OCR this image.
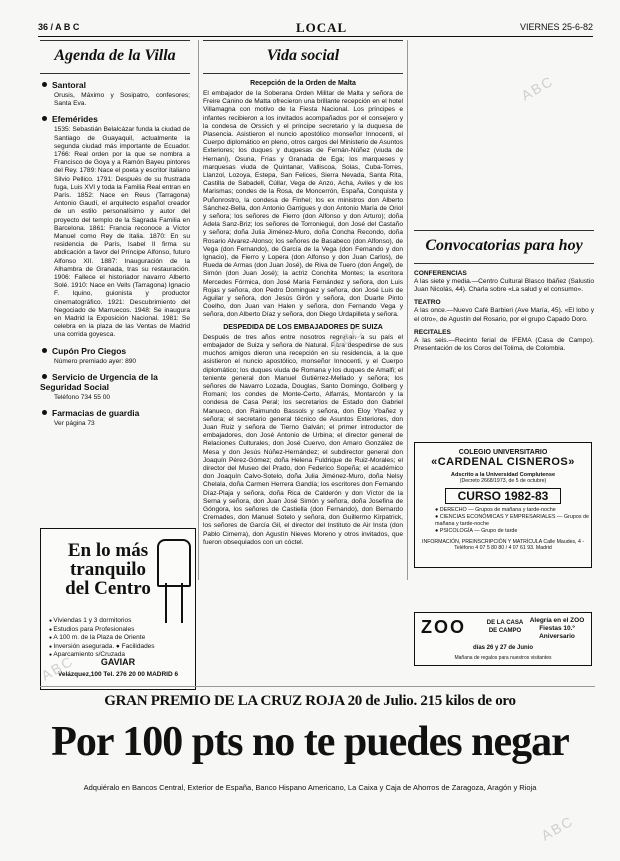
36 / A B C	LOCAL	VIERNES 25-6-82
Agenda de la Villa
Santoral
Orusis, Máximo y Sosipatro, confesores; Santa Eva.
Efemérides
1535: Sebastián Belalcázar funda la ciudad de Santiago de Guayaquil, actualmente la segunda ciudad más importante de Ecuador. 1766: Real orden por la que se nombra a Francisco de Goya y a Ramón Bayeu pintores del Rey. 1789: Nace el poeta y escritor italiano Silvio Pellico. 1791: Después de su frustrada fuga, Luis XVI y toda la Familia Real entran en París. 1852: Nace en Reus (Tarragona) Antonio Gaudí, el arquitecto español creador de un estilo personalísimo y autor del proyecto del templo de la Sagrada Familia en Barcelona. 1861: Francia reconoce a Víctor Manuel como Rey de Italia. 1870: En su residencia de París, Isabel II firma su abdicación a favor del Príncipe Alfonso, futuro Alfonso XII. 1887: Inauguración de la Alhambra de Granada, tras su restauración. 1906: Fallece el historiador navarro Alberto Solé. 1910: Nace en Vells (Tarragona) Ignacio F. Iquino, guionista y productor cinematográfico. 1921: Descubrimiento del Negociado de Marruecos. 1948: Se inaugura en Madrid la Exposición Nacional. 1981: Se celebra en la plaza de las Ventas de Madrid una corrida goyesca.
Cupón Pro Ciegos
Número premiado ayer: 890
Servicio de Urgencia de la Seguridad Social
Teléfono 734 55 00
Farmacias de guardia
Ver página 73
En lo más tranquilo del Centro
● Viviendas 1 y 3 dormitorios
● Estudios para Profesionales
● A 100 m. de la Plaza de Oriente
● Inversión asegurada. ● Facilidades
● Aparcamiento s/Cruzada
GAVIAR
Velázquez,100 Tel. 276 20 00 MADRID 6
Vida social
Recepción de la Orden de Malta
El embajador de la Soberana Orden Militar de Malta y señora de Freire Canino de Matta ofrecieron una brillante recepción en el hotel Villamagna con motivo de la Fiesta Nacional. Los príncipes e infantes recibieron a los invitados acompañados por el consejero y la condesa de Orssich y el príncipe secretario y la duquesa de Plasencia. Asistieron el nuncio apostólico monseñor Innocenti, el Cuerpo diplomático en pleno, otros cargos del Ministerio de Asuntos Exteriores; los duques y duquesas de Fernán-Núñez (viuda de Hernani), Osuna, Frías y Granada de Ega; los marqueses y marquesas viuda de Quintanar, Valliscoa, Solas, Cuba-Torres, Llanzol, Lozoya, Estepa, San Felices, Sierra Nevada, Santa Rita, Castilla de Sabadell, Cúllar, Vega de Anzo, Acha, Aviles y de los Marismas; condes de la Rosa, de Moncerrón, España, Conquista y Puñonrostro, la condesa de Finhel; los ex ministros don Alberto Sánchez-Bella, don Antonio Garrigues y don Antonio María de Oriol y señora; los señores de Fierro (don Alfonso y don Arturo); doña Adela Sanz-Briz; los señores de Torroniegui, don José del Castaño y señora; doña Julia Jiménez-Muro, doña Concha Recondo, doña Rosario Alvarez-Alonso; los señores de Basabeco (don Alfonso), de Vega (don Fernando), de García de la Vega (don Fernando y don Ignacio), de Fierro y Lopera (don Alfonso y don Juan Carlos), de Rueda de Armas (don Juan José), de Riva de Tuero (don Ángel), de Simón (don Juan José); la actriz Conchita Montes; la escritora Mercedes Fórmica, don José María Fernández y señora, don Luis Rojas y señora, don Pedro Dominguez y señora, don José Luis de Aguilar y señora, don Jesús Girón y señora, don Duarte Pinto Coelho, don Juan van Halen y señora, don Fernando Vega y señora, don Alberto Díaz y señora, don Diego Urdapilleta y señora.
DESPEDIDA DE LOS EMBAJADORES DE SUIZA
Después de tres años entre nosotros regresan a su país el embajador de Suiza y señora de Natural. Para despedirse de sus muchos amigos dieron una recepción en su residencia, a la que asistieron el nuncio apostólico, monseñor Innocenti, y el Cuerpo diplomático; los duques viuda de Romana y los duques de Amalfi; el teniente general don Manuel Gutiérrez-Mellado y señora; los señores de Navarro Lozada, Douglas, Santo Domingo, Gollberg y Romani; los condes de Monte-Certo, Alfarrás, Montarcón y la condesa de Casa Peral; los secretarios de Estado don Gabriel Manueco, don Raimundo Bassols y señora, don Eloy Ybañez y señora; el secretario general técnico de Asuntos Exteriores, don Juan Ruiz y señora de Tierno Galván; el primer introductor de embajadores, don José Antonio de Urbina; el director general de Relaciones Culturales, don José Cuervo, don Amaro González de Mesa y don Jesús Núñez-Hernández; el subdirector general don Joaquín Pérez-Gómez; doña Helena Fuldrique de Ruiz-Morales; el director del Museo del Prado, don Federico Sopeña; el académico don Joaquín Calvo-Sotelo, doña Julia Jiménez-Muro, doña Nelsy Chelala, doña Carmen Herrera Gandía; los escritores don Fernando Díaz-Plaja y señora, doña Rica de Calderón y don Víctor de la Serna y señora, don Juan José Simón y señora, doña Josefina de Góngora, los señores de Castiella (don Fernando), don Bernardo Cremades, don Manuel Sotelo y señora, don Guillermo Kirpatrick, los señores de García Gil, el director del Instituto de Air Insta (don Pablo Cimerra), don Agustín Nieves Moreno y otros invitados, que fueron obsequiados con un cóctel.
Convocatorias para hoy
CONFERENCIAS
A las siete y media.—Centro Cultural Blasco Ibáñez (Salustio Juan Nicolás, 44). Charla sobre «La salud y el consumo».
TEATRO
A las once.—Nuevo Café Barbieri (Ave María, 45). «El lobo y el otro», de Agustín del Rosario, por el grupo Capado Doro.
RECITALES
A las seis.—Recinto ferial de IFEMA (Casa de Campo). Presentación de los Coros del Tolima, de Colombia.
COLEGIO UNIVERSITARIO
«CARDENAL CISNEROS»
Adscrito a la Universidad Complutense
(Decreto 2668/1973, de 5 de octubre)
CURSO 1982-83
● DERECHO — Grupos de mañana y tarde-noche
● CIENCIAS ECONÓMICAS Y EMPRESARIALES — Grupos de mañana y tarde-noche
● PSICOLOGÍA — Grupo de tarde
INFORMACIÓN, PREINSCRIPCIÓN Y MATRÍCULA Calle Maudes, 4 - Teléfono 4 07 5 80 80 / 4 07 61 93. Madrid
ZOO	DE LA CASA DE CAMPO
Alegría en el ZOO Fiestas 10.º Aniversario
días 26 y 27 de Junio
Mañana de regalos para nuestros visitantes
GRAN PREMIO DE LA CRUZ ROJA 20 de Julio. 215 kilos de oro
Por 100 pts no te puedes negar
Adquiéralo en Bancos Central, Exterior de España, Banco Hispano Americano, La Caixa y Caja de Ahorros de Zaragoza, Aragón y Rioja
ABC
ABC
ABC
ABC
